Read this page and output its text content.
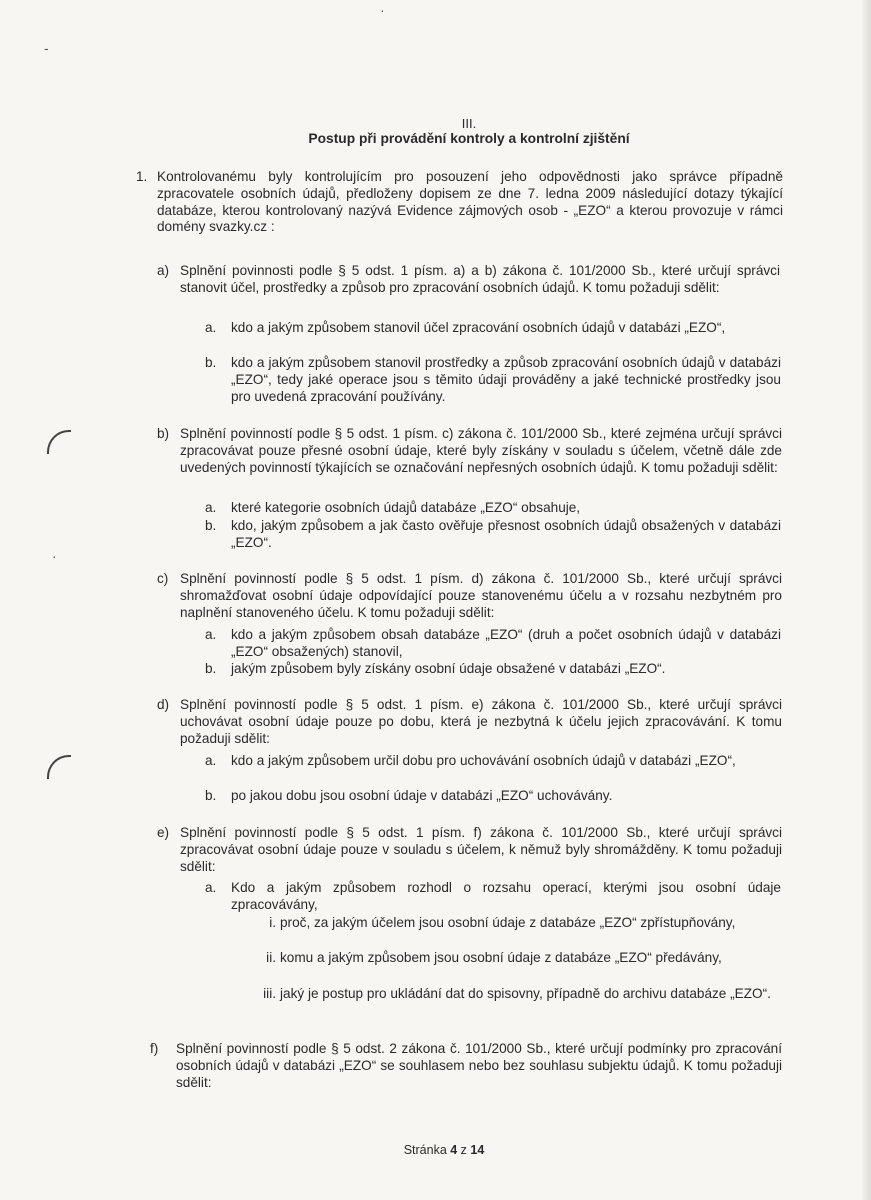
·
-
·
III.
Postup při provádění kontroly a kontrolní zjištění
1. Kontrolovanému byly kontrolujícím pro posouzení jeho odpovědnosti jako správce případně zpracovatele osobních údajů, předloženy dopisem ze dne 7. ledna 2009 následující dotazy týkající databáze, kterou kontrolovaný nazývá Evidence zájmových osob - „EZO“ a kterou provozuje v rámci domény svazky.cz :
a) Splnění povinnosti podle § 5 odst. 1 písm. a) a b) zákona č. 101/2000 Sb., které určují správci stanovit účel, prostředky a způsob pro zpracování osobních údajů. K tomu požaduji sdělit:
a. kdo a jakým způsobem stanovil účel zpracování osobních údajů v databázi „EZO“,
b. kdo a jakým způsobem stanovil prostředky a způsob zpracování osobních údajů v databázi „EZO“, tedy jaké operace jsou s těmito údaji prováděny a jaké technické prostředky jsou pro uvedená zpracování používány.
b) Splnění povinností podle § 5 odst. 1 písm. c) zákona č. 101/2000 Sb., které zejména určují správci zpracovávat pouze přesné osobní údaje, které byly získány v souladu s účelem, včetně dále zde uvedených povinností týkajících se označování nepřesných osobních údajů. K tomu požaduji sdělit:
a. které kategorie osobních údajů databáze „EZO“ obsahuje,
b. kdo, jakým způsobem a jak často ověřuje přesnost osobních údajů obsažených v databázi „EZO“.
c) Splnění povinností podle § 5 odst. 1 písm. d) zákona č. 101/2000 Sb., které určují správci shromažďovat osobní údaje odpovídající pouze stanovenému účelu a v rozsahu nezbytném pro naplnění stanoveného účelu. K tomu požaduji sdělit:
a. kdo a jakým způsobem obsah databáze „EZO“ (druh a počet osobních údajů v databázi „EZO“ obsažených) stanovil,
b. jakým způsobem byly získány osobní údaje obsažené v databázi „EZO“.
d) Splnění povinností podle § 5 odst. 1 písm. e) zákona č. 101/2000 Sb., které určují správci uchovávat osobní údaje pouze po dobu, která je nezbytná k účelu jejich zpracovávání. K tomu požaduji sdělit:
a. kdo a jakým způsobem určil dobu pro uchovávání osobních údajů v databázi „EZO“,
b. po jakou dobu jsou osobní údaje v databázi „EZO“ uchovávány.
e) Splnění povinností podle § 5 odst. 1 písm. f) zákona č. 101/2000 Sb., které určují správci zpracovávat osobní údaje pouze v souladu s účelem, k němuž byly shromážděny. K tomu požaduji sdělit:
a. Kdo a jakým způsobem rozhodl o rozsahu operací, kterými jsou osobní údaje zpracovávány,
i. proč, za jakým účelem jsou osobní údaje z databáze „EZO“ zpřístupňovány,
ii. komu a jakým způsobem jsou osobní údaje z databáze „EZO“ předávány,
iii. jaký je postup pro ukládání dat do spisovny, případně do archivu databáze „EZO“.
f) Splnění povinností podle § 5 odst. 2 zákona č. 101/2000 Sb., které určují podmínky pro zpracování osobních údajů v databázi „EZO“ se souhlasem nebo bez souhlasu subjektu údajů. K tomu požaduji sdělit:
Stránka 4 z 14
